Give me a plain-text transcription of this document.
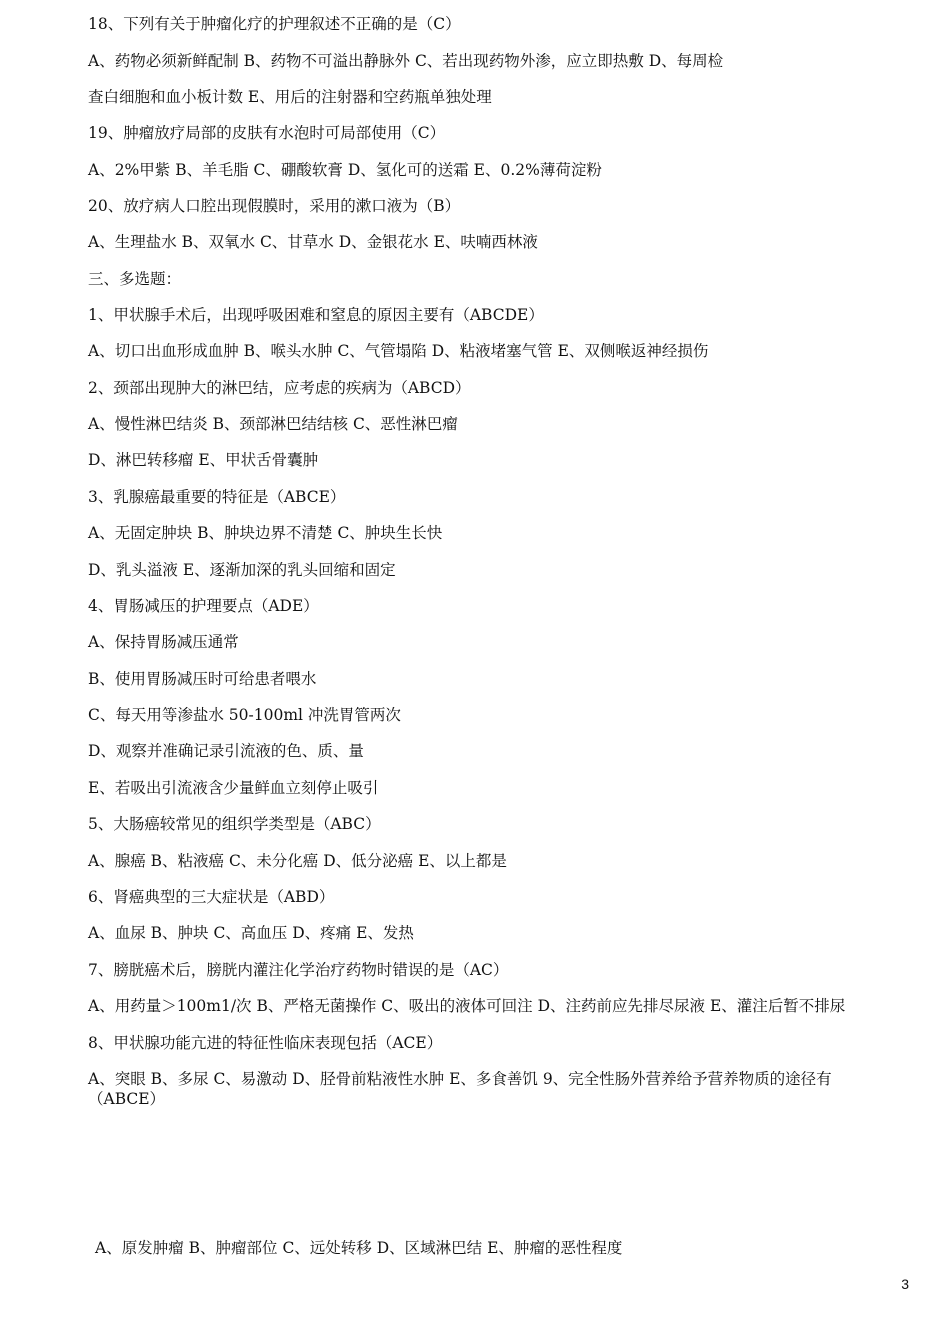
18、下列有关于肿瘤化疗的护理叙述不正确的是（C）
A、药物必须新鲜配制 B、药物不可溢出静脉外 C、若出现药物外渗，应立即热敷 D、每周检
查白细胞和血小板计数 E、用后的注射器和空药瓶单独处理
19、肿瘤放疗局部的皮肤有水泡时可局部使用（C）
A、2%甲紫 B、羊毛脂 C、硼酸软膏 D、氢化可的送霜 E、0.2%薄荷淀粉
20、放疗病人口腔出现假膜时，采用的漱口液为（B）
A、生理盐水 B、双氧水 C、甘草水 D、金银花水 E、呋喃西林液
三、多选题：
1、甲状腺手术后，出现呼吸困难和窒息的原因主要有（ABCDE）
A、切口出血形成血肿 B、喉头水肿 C、气管塌陷 D、粘液堵塞气管 E、双侧喉返神经损伤
2、颈部出现肿大的淋巴结，应考虑的疾病为（ABCD）
A、慢性淋巴结炎 B、颈部淋巴结结核 C、恶性淋巴瘤
D、淋巴转移瘤 E、甲状舌骨囊肿
3、乳腺癌最重要的特征是（ABCE）
A、无固定肿块 B、肿块边界不清楚 C、肿块生长快
D、乳头溢液 E、逐渐加深的乳头回缩和固定
4、胃肠减压的护理要点（ADE）
A、保持胃肠减压通常
B、使用胃肠减压时可给患者喂水
C、每天用等渗盐水 50-100ml 冲洗胃管两次
D、观察并准确记录引流液的色、质、量
E、若吸出引流液含少量鲜血立刻停止吸引
5、大肠癌较常见的组织学类型是（ABC）
A、腺癌 B、粘液癌 C、未分化癌 D、低分泌癌 E、以上都是
6、肾癌典型的三大症状是（ABD）
A、血尿 B、肿块 C、高血压 D、疼痛 E、发热
7、膀胱癌术后，膀胱内灌注化学治疗药物时错误的是（AC）
A、用药量＞100m1/次 B、严格无菌操作 C、吸出的液体可回注 D、注药前应先排尽尿液 E、灌注后暂不排尿
8、甲状腺功能亢进的特征性临床表现包括（ACE）
A、突眼 B、多尿 C、易激动 D、胫骨前粘液性水肿 E、多食善饥 9、完全性肠外营养给予营养物质的途径有（ABCE）
A、原发肿瘤 B、肿瘤部位 C、远处转移 D、区域淋巴结 E、肿瘤的恶性程度
3
